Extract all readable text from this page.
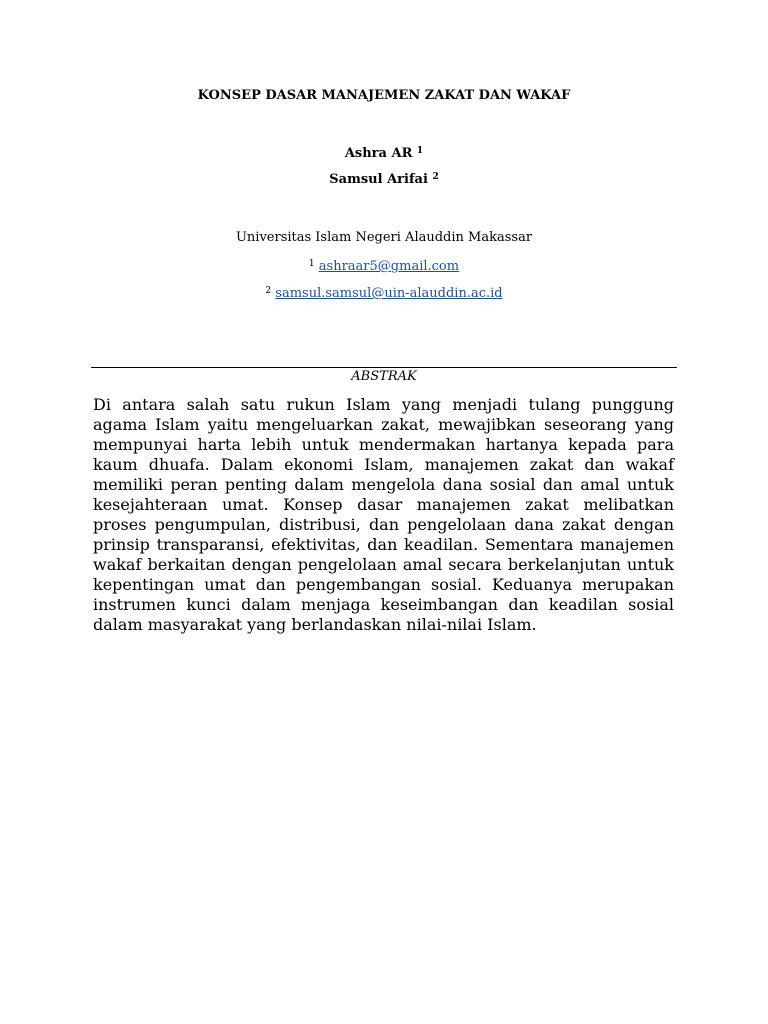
KONSEP DASAR MANAJEMEN ZAKAT DAN WAKAF
Ashra AR $^1$
Samsul Arifai $^2$
Universitas Islam Negeri Alauddin Makassar
$^1$ ashraar5@gmail.com
$^2$ samsul.samsul@uin-alauddin.ac.id
ABSTRAK

Di antara salah satu rukun Islam yang menjadi tulang punggung agama Islam yaitu mengeluarkan zakat, mewajibkan seseorang yang mempunyai harta lebih untuk mendermakan hartanya kepada para kaum dhuafa. Dalam ekonomi Islam, manajemen zakat dan wakaf memiliki peran penting dalam mengelola dana sosial dan amal untuk kesejahteraan umat. Konsep dasar manajemen zakat melibatkan proses pengumpulan, distribusi, dan pengelolaan dana zakat dengan prinsip transparansi, efektivitas, dan keadilan. Sementara manajemen wakaf berkaitan dengan pengelolaan amal secara berkelanjutan untuk kepentingan umat dan pengembangan sosial. Keduanya merupakan instrumen kunci dalam menjaga keseimbangan dan keadilan sosial dalam masyarakat yang berlandaskan nilai-nilai Islam.
